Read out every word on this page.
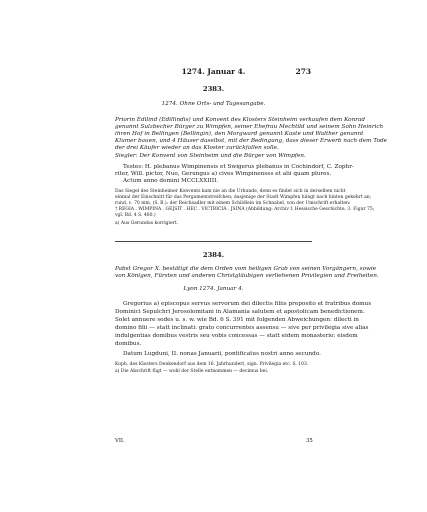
1274. Januar 4.	273
2383.
1274. Ohne Orts- und Tagesangabe.
Priorin Edilind (Edillindis) und Konvent des Klosters Steinheim verkaufen dem Konrad
genannt Sulzbecher Bürger zu Wimpfen, seiner Ehefrau Mechtild und seinem Sohn Heinrich
ihren Hof in Bellingen (Bellingin), den Morgward genannt Kaste und Walther genannt
Klumer bauen, und 4 Häuser daselbst, mit der Bedingung, dass dieser Erwerb nach dem Tode
der drei Käufer wieder an das Kloster zurückfallen solle.
Siegler: Der Konvent von Steinheim und die Bürger von Wimpfen.
Testes: H. plebanus Wimpinensis et Swigerus plebanus in Cochindorf, C. Zophr-
riter, Will. pictor, Nuo, Gerungus a) cives Wimpinenses et alii quam plures.
Actum anno domini MCCLXXIIII.
Das Siegel des Steinheimer Konvents kam nie an die Urkunde, denn es findet sich in derselben nicht
einmal der Einschnitt für das Pergamentstreifchen; dasjenige der Stadt Wimpfen hängt nach hinten gekehrt an;
rund, c. 70 mm, (S. B.): der Reichsadler mit einem Schildlein im Schnabel, von der Umschrift erhalten:
† REGIA . WIMPINA . GEJSIT . HEC . VICTRICIA . JSINA (Abbildung: Archiv f. Hessische Geschichte, 3. Figur 75;
vgl. Bd. 4 S. 480.)
a) Aus Gerundus korrigiert.
2384.
Pabst Gregor X. bestätigt die dem Orden vom heiligen Grab von seinen Vorgängern, sowie
von Königen, Fürsten und anderen Christgläubigen verliehenen Privilegien und Freiheiten.
Lyon 1274. Januar 4.
Gregorius a) episcopus servus servorum dei dilectis filiis preposito et fratribus domus
Dominici Sepulchri Jerosolomitani in Alamania salutem et apostolicam benedictionem.
Solet annuere sedes u. s. w. wie Bd. 6 S. 391 mit folgenden Abweichungen: dilecti in
domino filii — statt inclinati: grato concurrentes assensu — sive per privilegia sive alias
indulgentias domibus vestris seu vobis concessas — statt eidem monasterio: eisdem
domibus.
Datum Lugduni, II. nonas Januarii, pontificatus nostri anno secundo.
Koph. des Klosters Denkendorf aus dem 16. Jahrhundert, sign. Privilegia etc. S. 103.
a) Die Abschrift fügt — wohl der Stelle entnommen — decimus bei.
VII.	35
